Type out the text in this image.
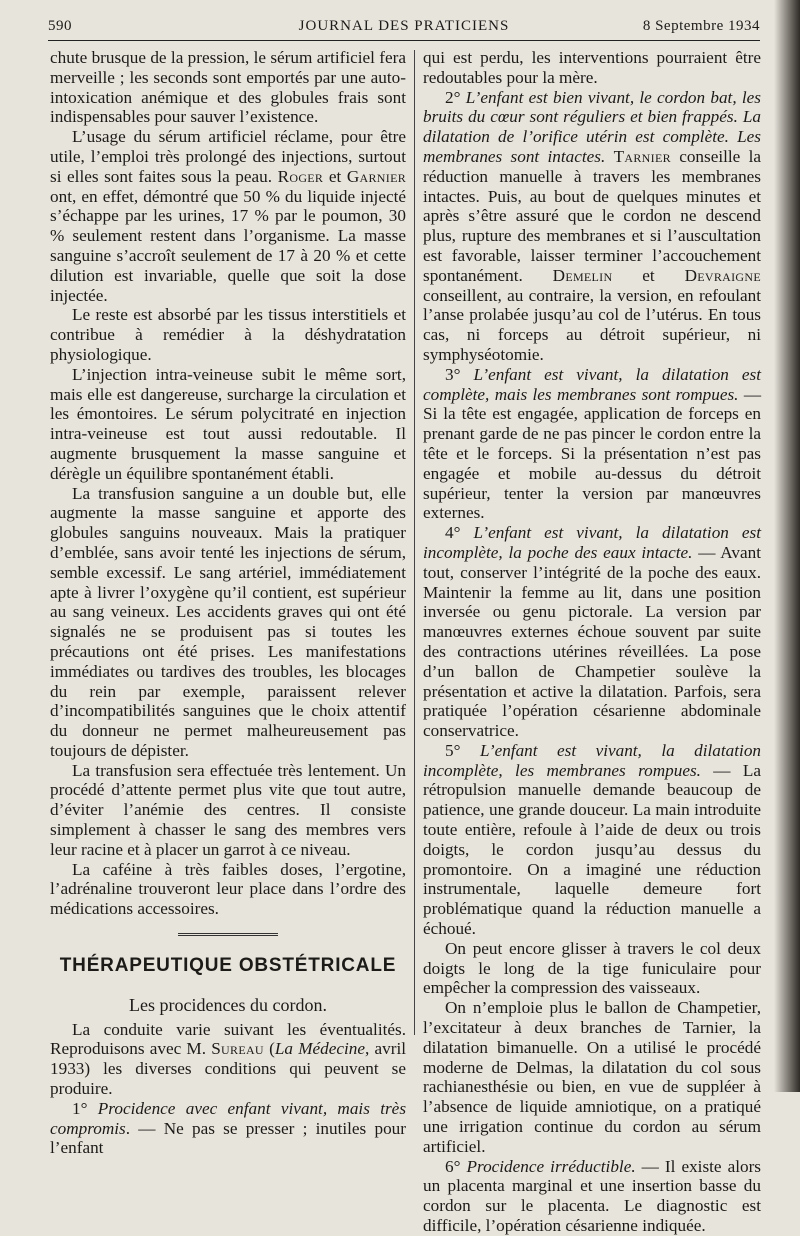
590	JOURNAL DES PRATICIENS	8 Septembre 1934

chute brusque de la pression, le sérum artificiel fera merveille ; les seconds sont emportés par une auto-intoxication anémique et des globules frais sont indispensables pour sauver l’existence.

L’usage du sérum artificiel réclame, pour être utile, l’emploi très prolongé des injections, surtout si elles sont faites sous la peau. Roger et Garnier ont, en effet, démontré que 50 % du liquide injecté s’échappe par les urines, 17 % par le poumon, 30 % seulement restent dans l’organisme. La masse sanguine s’accroît seulement de 17 à 20 % et cette dilution est invariable, quelle que soit la dose injectée.

Le reste est absorbé par les tissus interstitiels et contribue à remédier à la déshydratation physiologique.

L’injection intra-veineuse subit le même sort, mais elle est dangereuse, surcharge la circulation et les émontoires. Le sérum polycitraté en injection intra-veineuse est tout aussi redoutable. Il augmente brusquement la masse sanguine et dérègle un équilibre spontanément établi.

La transfusion sanguine a un double but, elle augmente la masse sanguine et apporte des globules sanguins nouveaux. Mais la pratiquer d’emblée, sans avoir tenté les injections de sérum, semble excessif. Le sang artériel, immédiatement apte à livrer l’oxygène qu’il contient, est supérieur au sang veineux. Les accidents graves qui ont été signalés ne se produisent pas si toutes les précautions ont été prises. Les manifestations immédiates ou tardives des troubles, les blocages du rein par exemple, paraissent relever d’incompatibilités sanguines que le choix attentif du donneur ne permet malheureusement pas toujours de dépister.

La transfusion sera effectuée très lentement. Un procédé d’attente permet plus vite que tout autre, d’éviter l’anémie des centres. Il consiste simplement à chasser le sang des membres vers leur racine et à placer un garrot à ce niveau.

La caféine à très faibles doses, l’ergotine, l’adrénaline trouveront leur place dans l’ordre des médications accessoires.

THÉRAPEUTIQUE OBSTÉTRICALE
Les procidences du cordon.

La conduite varie suivant les éventualités. Reproduisons avec M. Sureau (La Médecine, avril 1933) les diverses conditions qui peuvent se produire.

1° Procidence avec enfant vivant, mais très compromis. — Ne pas se presser ; inutiles pour l’enfant

qui est perdu, les interventions pourraient être redoutables pour la mère.

2° L’enfant est bien vivant, le cordon bat, les bruits du cœur sont réguliers et bien frappés. La dilatation de l’orifice utérin est complète. Les membranes sont intactes. Tarnier conseille la réduction manuelle à travers les membranes intactes. Puis, au bout de quelques minutes et après s’être assuré que le cordon ne descend plus, rupture des membranes et si l’auscultation est favorable, laisser terminer l’accouchement spontanément. Demelin et Devraigne conseillent, au contraire, la version, en refoulant l’anse prolabée jusqu’au col de l’utérus. En tous cas, ni forceps au détroit supérieur, ni symphyséotomie.

3° L’enfant est vivant, la dilatation est complète, mais les membranes sont rompues. — Si la tête est engagée, application de forceps en prenant garde de ne pas pincer le cordon entre la tête et le forceps. Si la présentation n’est pas engagée et mobile au-dessus du détroit supérieur, tenter la version par manœuvres externes.

4° L’enfant est vivant, la dilatation est incomplète, la poche des eaux intacte. — Avant tout, conserver l’intégrité de la poche des eaux. Maintenir la femme au lit, dans une position inversée ou genu pictorale. La version par manœuvres externes échoue souvent par suite des contractions utérines réveillées. La pose d’un ballon de Champetier soulève la présentation et active la dilatation. Parfois, sera pratiquée l’opération césarienne abdominale conservatrice.

5° L’enfant est vivant, la dilatation incomplète, les membranes rompues. — La rétropulsion manuelle demande beaucoup de patience, une grande douceur. La main introduite toute entière, refoule à l’aide de deux ou trois doigts, le cordon jusqu’au dessus du promontoire. On a imaginé une réduction instrumentale, laquelle demeure fort problématique quand la réduction manuelle a échoué.

On peut encore glisser à travers le col deux doigts le long de la tige funiculaire pour empêcher la compression des vaisseaux.

On n’emploie plus le ballon de Champetier, l’excitateur à deux branches de Tarnier, la dilatation bimanuelle. On a utilisé le procédé moderne de Delmas, la dilatation du col sous rachianesthésie ou bien, en vue de suppléer à l’absence de liquide amniotique, on a pratiqué une irrigation continue du cordon au sérum artificiel.

6° Procidence irréductible. — Il existe alors un placenta marginal et une insertion basse du cordon sur le placenta. Le diagnostic est difficile, l’opération césarienne indiquée.
